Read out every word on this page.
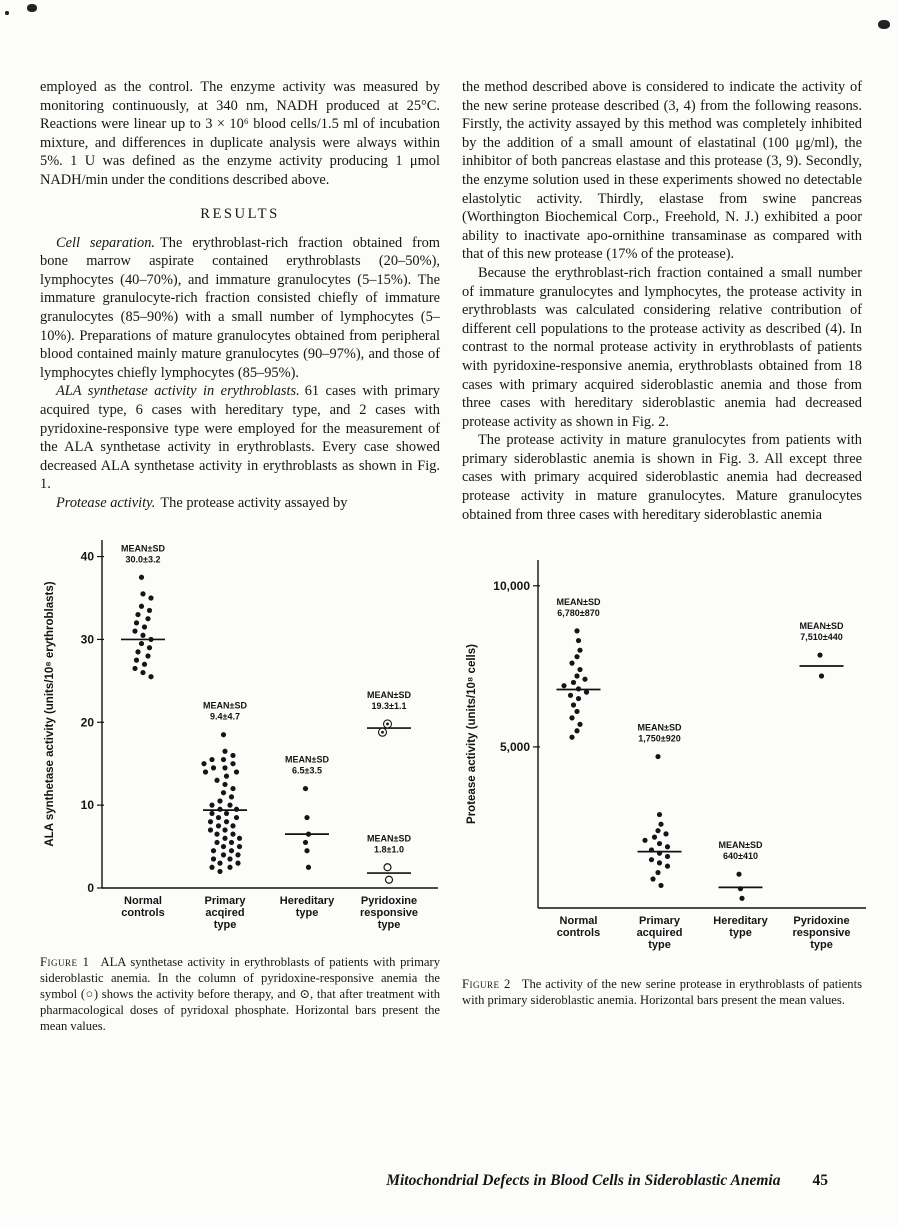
employed as the control. The enzyme activity was measured by monitoring continuously, at 340 nm, NADH produced at 25°C. Reactions were linear up to 3 × 10⁶ blood cells/1.5 ml of incubation mixture, and differences in duplicate analysis were always within 5%. 1 U was defined as the enzyme activity producing 1 μmol NADH/min under the conditions described above.

RESULTS

Cell separation. The erythroblast-rich fraction obtained from bone marrow aspirate contained erythroblasts (20–50%), lymphocytes (40–70%), and immature granulocytes (5–15%). The immature granulocyte-rich fraction consisted chiefly of immature granulocytes (85–90%) with a small number of lymphocytes (5–10%). Preparations of mature granulocytes obtained from peripheral blood contained mainly mature granulocytes (90–97%), and those of lymphocytes chiefly lymphocytes (85–95%).

ALA synthetase activity in erythroblasts. 61 cases with primary acquired type, 6 cases with hereditary type, and 2 cases with pyridoxine-responsive type were employed for the measurement of the ALA synthetase activity in erythroblasts. Every case showed decreased ALA synthetase activity in erythroblasts as shown in Fig. 1.

Protease activity. The protease activity assayed by

0
10
20
30
40
ALA synthetase activity (units/10⁸ erythroblasts)
Normal
controls
MEAN±SD
30.0±3.2
Primary
acqired
type
MEAN±SD
9.4±4.7
Hereditary
type
MEAN±SD
6.5±3.5
Pyridoxine
responsive
type
MEAN±SD
19.3±1.1
MEAN±SD
1.8±1.0
Figure 1 ALA synthetase activity in erythroblasts of patients with primary sideroblastic anemia. In the column of pyridoxine-responsive anemia the symbol (○) shows the activity before therapy, and ⊙, that after treatment with pharmacological doses of pyridoxal phosphate. Horizontal bars present the mean values.

the method described above is considered to indicate the activity of the new serine protease described (3, 4) from the following reasons. Firstly, the activity assayed by this method was completely inhibited by the addition of a small amount of elastatinal (100 μg/ml), the inhibitor of both pancreas elastase and this protease (3, 9). Secondly, the enzyme solution used in these experiments showed no detectable elastolytic activity. Thirdly, elastase from swine pancreas (Worthington Biochemical Corp., Freehold, N. J.) exhibited a poor ability to inactivate apo-ornithine transaminase as compared with that of this new protease (17% of the protease).

Because the erythroblast-rich fraction contained a small number of immature granulocytes and lymphocytes, the protease activity in erythroblasts was calculated considering relative contribution of different cell populations to the protease activity as described (4). In contrast to the normal protease activity in erythroblasts of patients with pyridoxine-responsive anemia, erythroblasts obtained from 18 cases with primary acquired sideroblastic anemia and those from three cases with hereditary sideroblastic anemia had decreased protease activity as shown in Fig. 2.

The protease activity in mature granulocytes from patients with primary sideroblastic anemia is shown in Fig. 3. All except three cases with primary acquired sideroblastic anemia had decreased protease activity in mature granulocytes. Mature granulocytes obtained from three cases with hereditary sideroblastic anemia

5,000
10,000
Protease activity (units/10⁸ cells)
Normal
controls
MEAN±SD
6,780±870
Primary
acquired
type
MEAN±SD
1,750±920
Hereditary
type
MEAN±SD
640±410
Pyridoxine
responsive
type
MEAN±SD
7,510±440
Figure 2 The activity of the new serine protease in erythroblasts of patients with primary sideroblastic anemia. Horizontal bars present the mean values.
Mitochondrial Defects in Blood Cells in Sideroblastic Anemia 45
